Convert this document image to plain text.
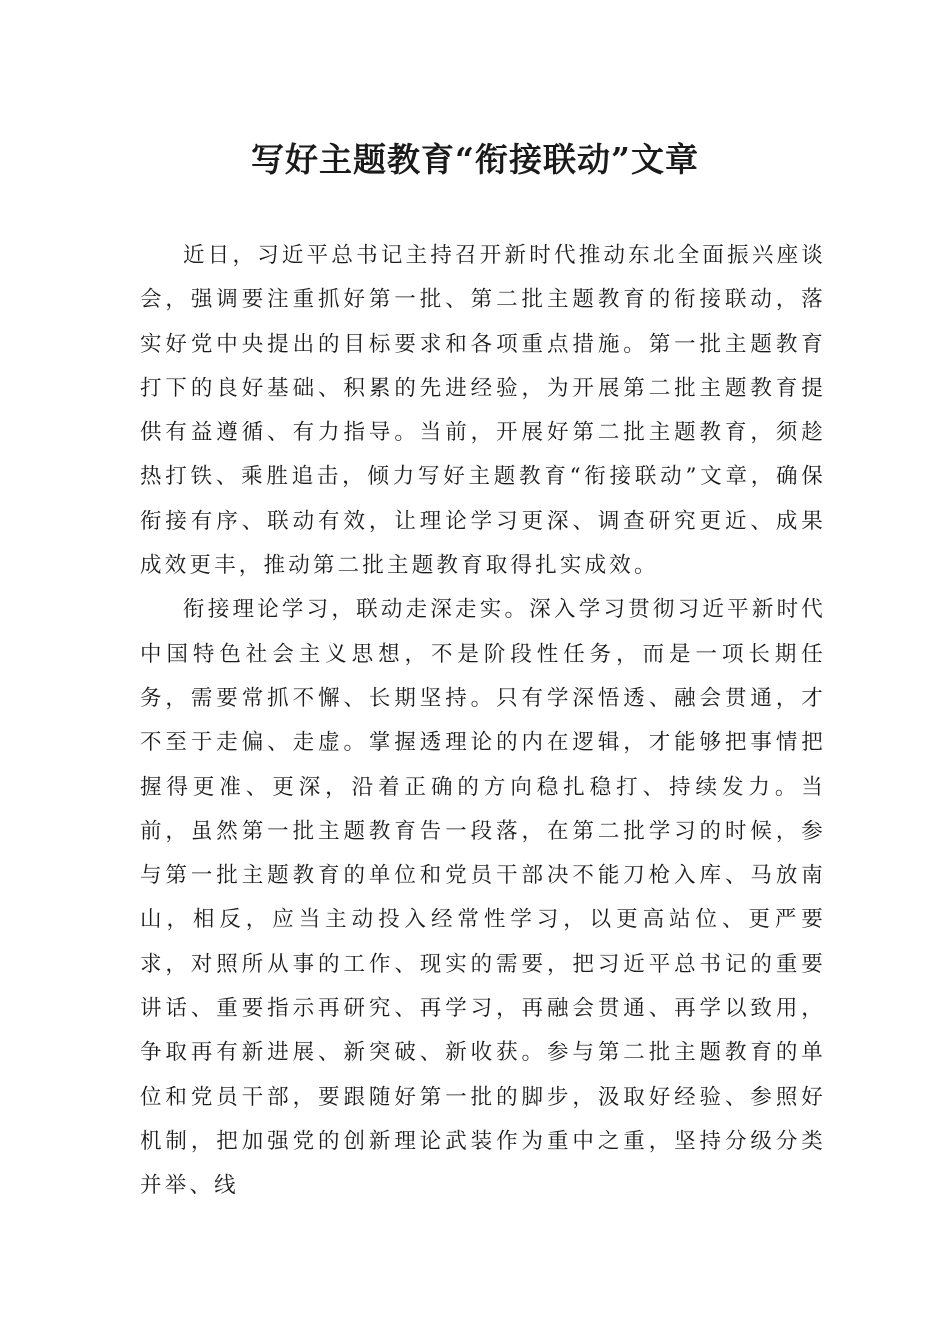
写好主题教育“衔接联动”文章

近日，习近平总书记主持召开新时代推动东北全面振兴座谈会，强调要注重抓好第一批、第二批主题教育的衔接联动，落实好党中央提出的目标要求和各项重点措施。第一批主题教育打下的良好基础、积累的先进经验，为开展第二批主题教育提供有益遵循、有力指导。当前，开展好第二批主题教育，须趁热打铁、乘胜追击，倾力写好主题教育“衔接联动”文章，确保衔接有序、联动有效，让理论学习更深、调查研究更近、成果成效更丰，推动第二批主题教育取得扎实成效。

衔接理论学习，联动走深走实。深入学习贯彻习近平新时代中国特色社会主义思想，不是阶段性任务，而是一项长期任务，需要常抓不懈、长期坚持。只有学深悟透、融会贯通，才不至于走偏、走虚。掌握透理论的内在逻辑，才能够把事情把握得更准、更深，沿着正确的方向稳扎稳打、持续发力。当前，虽然第一批主题教育告一段落，在第二批学习的时候，参与第一批主题教育的单位和党员干部决不能刀枪入库、马放南山，相反，应当主动投入经常性学习，以更高站位、更严要求，对照所从事的工作、现实的需要，把习近平总书记的重要讲话、重要指示再研究、再学习，再融会贯通、再学以致用，争取再有新进展、新突破、新收获。参与第二批主题教育的单位和党员干部，要跟随好第一批的脚步，汲取好经验、参照好机制，把加强党的创新理论武装作为重中之重，坚持分级分类并举、线
